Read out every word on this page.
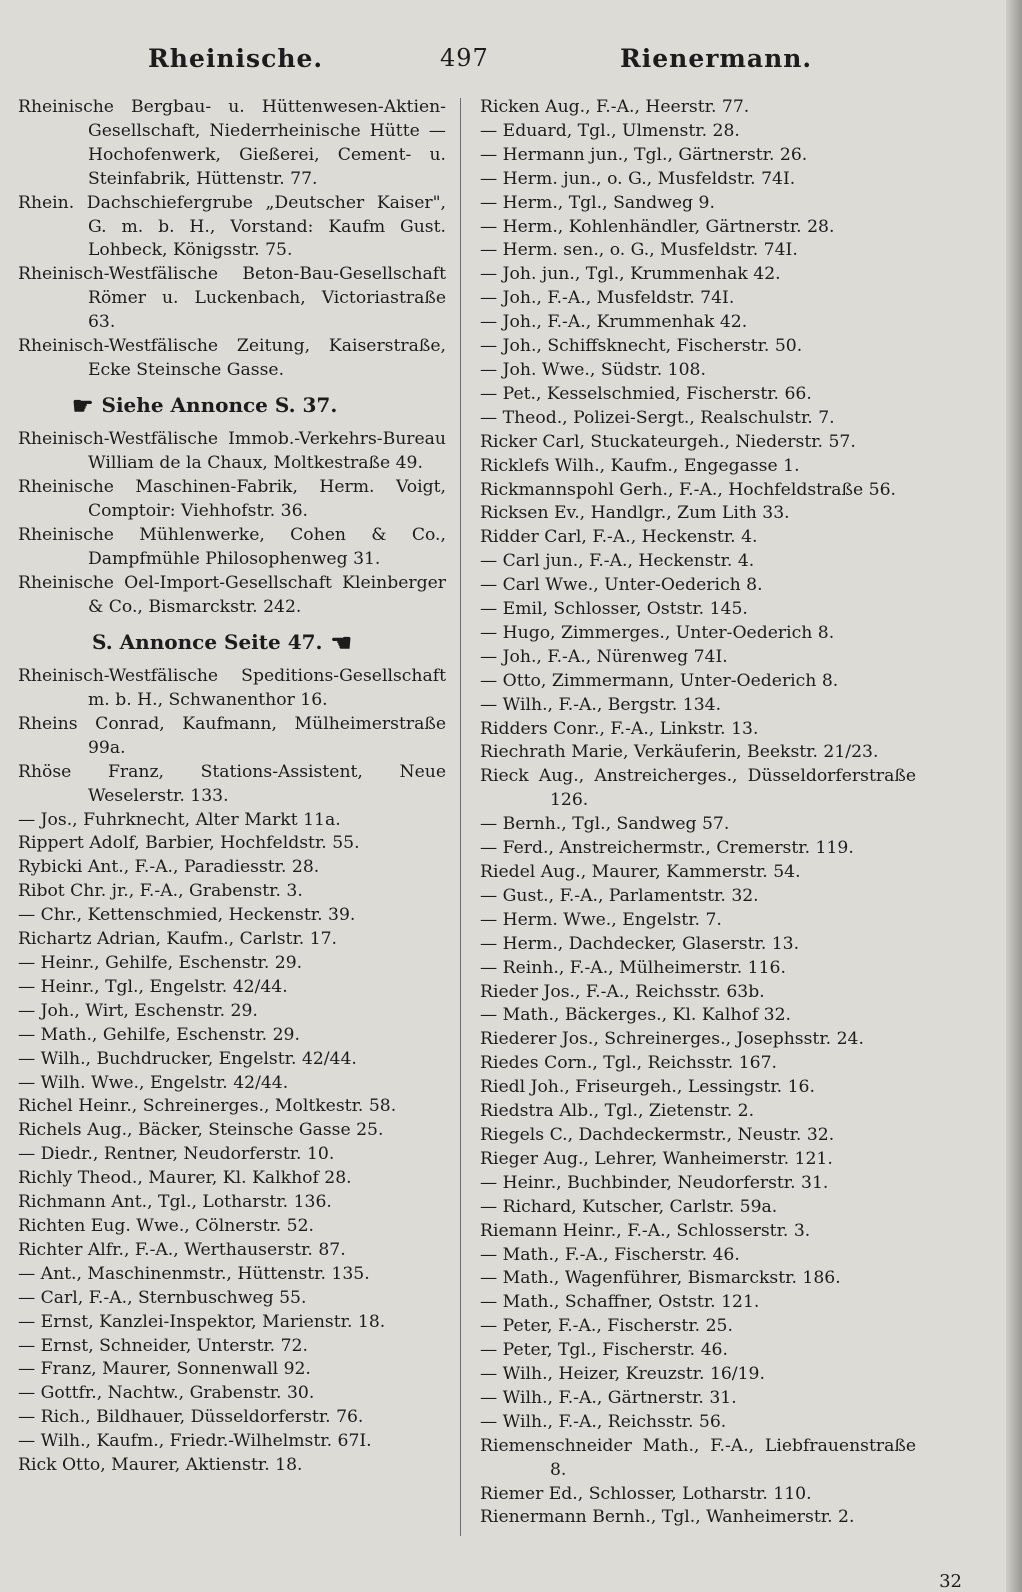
Rheinische.	497	Rienermann.
Rheinische Bergbau- u. Hüttenwesen-Aktien-Gesellschaft, Niederrheinische Hütte — Hochofenwerk, Gießerei, Cement- u. Steinfabrik, Hüttenstr. 77.
Rhein. Dachschiefergrube „Deutscher Kaiser", G. m. b. H., Vorstand: Kaufm Gust. Lohbeck, Königsstr. 75.
Rheinisch-Westfälische Beton-Bau-Gesellschaft Römer u. Luckenbach, Victoriastraße 63.
Rheinisch-Westfälische Zeitung, Kaiserstraße, Ecke Steinsche Gasse.
☛ Siehe Annonce S. 37.
Rheinisch-Westfälische Immob.-Verkehrs-Bureau William de la Chaux, Moltkestraße 49.
Rheinische Maschinen-Fabrik, Herm. Voigt, Comptoir: Viehhofstr. 36.
Rheinische Mühlenwerke, Cohen & Co., Dampfmühle Philosophenweg 31.
Rheinische Oel-Import-Gesellschaft Kleinberger & Co., Bismarckstr. 242.
S. Annonce Seite 47. ☚
Rheinisch-Westfälische Speditions-Gesellschaft m. b. H., Schwanenthor 16.
Rheins Conrad, Kaufmann, Mülheimerstraße 99a.
Rhöse Franz, Stations-Assistent, Neue Weselerstr. 133.
— Jos., Fuhrknecht, Alter Markt 11a.
Rippert Adolf, Barbier, Hochfeldstr. 55.
Rybicki Ant., F.-A., Paradiesstr. 28.
Ribot Chr. jr., F.-A., Grabenstr. 3.
— Chr., Kettenschmied, Heckenstr. 39.
Richartz Adrian, Kaufm., Carlstr. 17.
— Heinr., Gehilfe, Eschenstr. 29.
— Heinr., Tgl., Engelstr. 42/44.
— Joh., Wirt, Eschenstr. 29.
— Math., Gehilfe, Eschenstr. 29.
— Wilh., Buchdrucker, Engelstr. 42/44.
— Wilh. Wwe., Engelstr. 42/44.
Richel Heinr., Schreinerges., Moltkestr. 58.
Richels Aug., Bäcker, Steinsche Gasse 25.
— Diedr., Rentner, Neudorferstr. 10.
Richly Theod., Maurer, Kl. Kalkhof 28.
Richmann Ant., Tgl., Lotharstr. 136.
Richten Eug. Wwe., Cölnerstr. 52.
Richter Alfr., F.-A., Werthauserstr. 87.
— Ant., Maschinenmstr., Hüttenstr. 135.
— Carl, F.-A., Sternbuschweg 55.
— Ernst, Kanzlei-Inspektor, Marienstr. 18.
— Ernst, Schneider, Unterstr. 72.
— Franz, Maurer, Sonnenwall 92.
— Gottfr., Nachtw., Grabenstr. 30.
— Rich., Bildhauer, Düsseldorferstr. 76.
— Wilh., Kaufm., Friedr.-Wilhelmstr. 67I.
Rick Otto, Maurer, Aktienstr. 18.
Ricken Aug., F.-A., Heerstr. 77.
— Eduard, Tgl., Ulmenstr. 28.
— Hermann jun., Tgl., Gärtnerstr. 26.
— Herm. jun., o. G., Musfeldstr. 74I.
— Herm., Tgl., Sandweg 9.
— Herm., Kohlenhändler, Gärtnerstr. 28.
— Herm. sen., o. G., Musfeldstr. 74I.
— Joh. jun., Tgl., Krummenhak 42.
— Joh., F.-A., Musfeldstr. 74I.
— Joh., F.-A., Krummenhak 42.
— Joh., Schiffsknecht, Fischerstr. 50.
— Joh. Wwe., Südstr. 108.
— Pet., Kesselschmied, Fischerstr. 66.
— Theod., Polizei-Sergt., Realschulstr. 7.
Ricker Carl, Stuckateurgeh., Niederstr. 57.
Ricklefs Wilh., Kaufm., Engegasse 1.
Rickmannspohl Gerh., F.-A., Hochfeldstraße 56.
Ricksen Ev., Handlgr., Zum Lith 33.
Ridder Carl, F.-A., Heckenstr. 4.
— Carl jun., F.-A., Heckenstr. 4.
— Carl Wwe., Unter-Oederich 8.
— Emil, Schlosser, Oststr. 145.
— Hugo, Zimmerges., Unter-Oederich 8.
— Joh., F.-A., Nürenweg 74I.
— Otto, Zimmermann, Unter-Oederich 8.
— Wilh., F.-A., Bergstr. 134.
Ridders Conr., F.-A., Linkstr. 13.
Riechrath Marie, Verkäuferin, Beekstr. 21/23.
Rieck Aug., Anstreicherges., Düsseldorferstraße 126.
— Bernh., Tgl., Sandweg 57.
— Ferd., Anstreichermstr., Cremerstr. 119.
Riedel Aug., Maurer, Kammerstr. 54.
— Gust., F.-A., Parlamentstr. 32.
— Herm. Wwe., Engelstr. 7.
— Herm., Dachdecker, Glaserstr. 13.
— Reinh., F.-A., Mülheimerstr. 116.
Rieder Jos., F.-A., Reichsstr. 63b.
— Math., Bäckerges., Kl. Kalhof 32.
Riederer Jos., Schreinerges., Josephsstr. 24.
Riedes Corn., Tgl., Reichsstr. 167.
Riedl Joh., Friseurgeh., Lessingstr. 16.
Riedstra Alb., Tgl., Zietenstr. 2.
Riegels C., Dachdeckermstr., Neustr. 32.
Rieger Aug., Lehrer, Wanheimerstr. 121.
— Heinr., Buchbinder, Neudorferstr. 31.
— Richard, Kutscher, Carlstr. 59a.
Riemann Heinr., F.-A., Schlosserstr. 3.
— Math., F.-A., Fischerstr. 46.
— Math., Wagenführer, Bismarckstr. 186.
— Math., Schaffner, Oststr. 121.
— Peter, F.-A., Fischerstr. 25.
— Peter, Tgl., Fischerstr. 46.
— Wilh., Heizer, Kreuzstr. 16/19.
— Wilh., F.-A., Gärtnerstr. 31.
— Wilh., F.-A., Reichsstr. 56.
Riemenschneider Math., F.-A., Liebfrauenstraße 8.
Riemer Ed., Schlosser, Lotharstr. 110.
Rienermann Bernh., Tgl., Wanheimerstr. 2.
32
